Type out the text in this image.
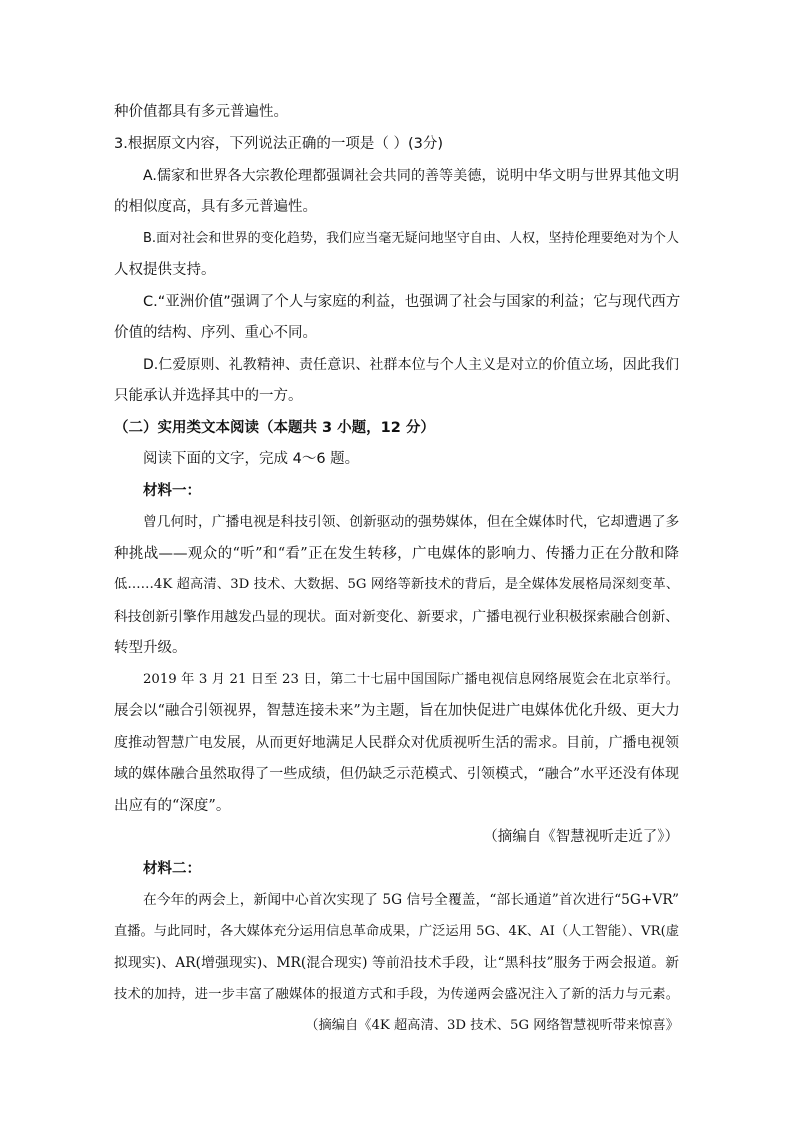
种价值都具有多元普遍性。
3.根据原文内容，下列说法正确的一项是（ ）(3分)
A.儒家和世界各大宗教伦理都强调社会共同的善等美德，说明中华文明与世界其他文明
的相似度高，具有多元普遍性。
B.面对社会和世界的变化趋势，我们应当毫无疑问地坚守自由、人权，坚持伦理要绝对为个人
人权提供支持。
C.“亚洲价值”强调了个人与家庭的利益，也强调了社会与国家的利益；它与现代西方
价值的结构、序列、重心不同。
D.仁爱原则、礼教精神、责任意识、社群本位与个人主义是对立的价值立场，因此我们
只能承认并选择其中的一方。
（二）实用类文本阅读（本题共 3 小题，12 分）
阅读下面的文字，完成 4～6 题。
材料一：
曾几何时，广播电视是科技引领、创新驱动的强势媒体，但在全媒体时代，它却遭遇了多
种挑战——观众的“听”和“看”正在发生转移，广电媒体的影响力、传播力正在分散和降
低……4K 超高清、3D 技术、大数据、5G 网络等新技术的背后，是全媒体发展格局深刻变革、
科技创新引擎作用越发凸显的现状。面对新变化、新要求，广播电视行业积极探索融合创新、
转型升级。
2019 年 3 月 21 日至 23 日，第二十七届中国国际广播电视信息网络展览会在北京举行。
展会以“融合引领视界，智慧连接未来”为主题，旨在加快促进广电媒体优化升级、更大力
度推动智慧广电发展，从而更好地满足人民群众对优质视听生活的需求。目前，广播电视领
域的媒体融合虽然取得了一些成绩，但仍缺乏示范模式、引领模式，“融合”水平还没有体现
出应有的“深度”。
（摘编自《智慧视听走近了》）
材料二：
在今年的两会上，新闻中心首次实现了 5G 信号全覆盖，“部长通道”首次进行“5G+VR”
直播。与此同时，各大媒体充分运用信息革命成果，广泛运用 5G、4K、AI（人工智能）、VR(虚
拟现实)、AR(增强现实)、MR(混合现实) 等前沿技术手段，让“黑科技”服务于两会报道。新
技术的加持，进一步丰富了融媒体的报道方式和手段，为传递两会盛况注入了新的活力与元素。
（摘编自《4K 超高清、3D 技术、5G 网络智慧视听带来惊喜》
